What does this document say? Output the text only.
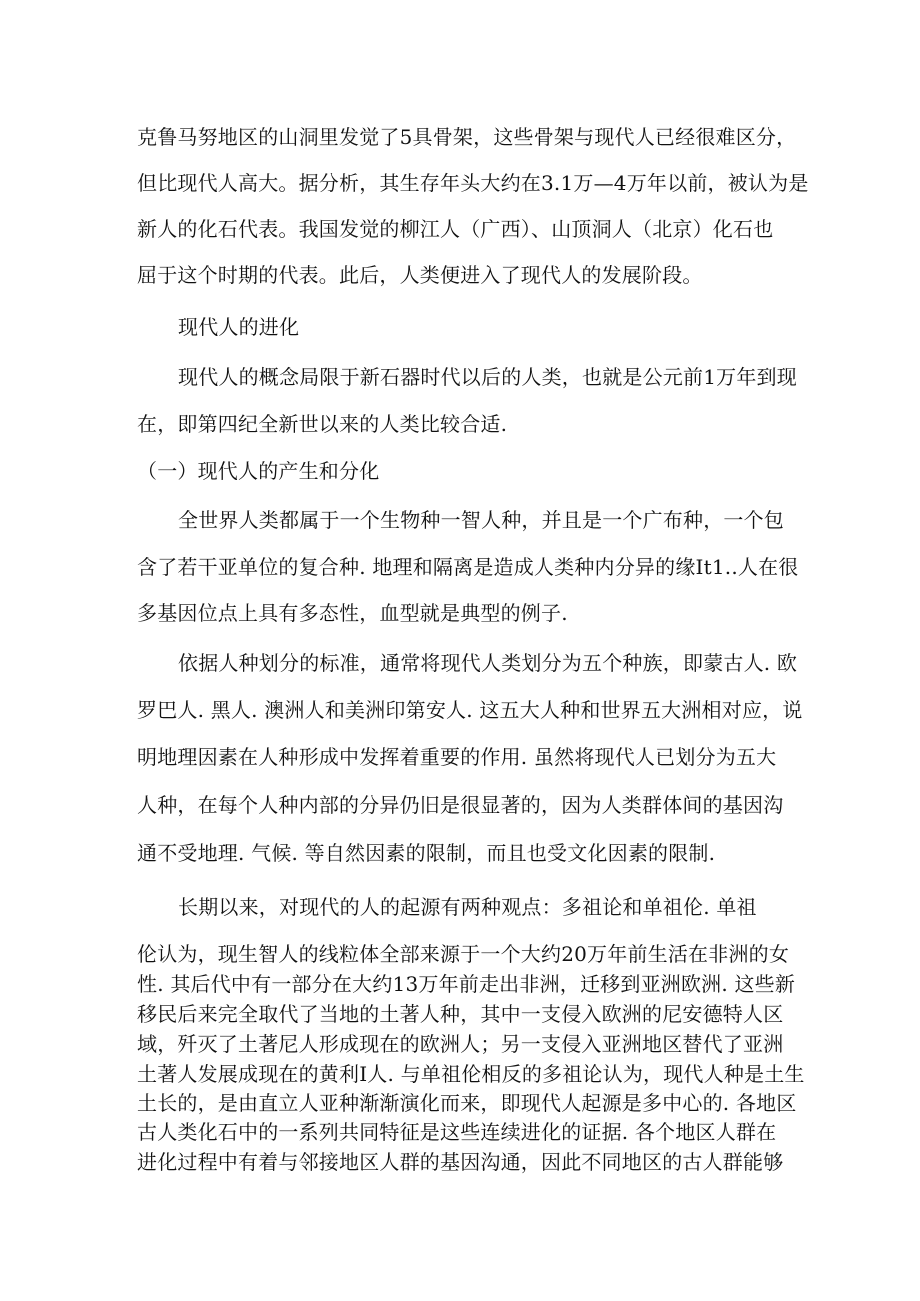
克鲁马努地区的山洞里发觉了5具骨架，这些骨架与现代人已经很难区分，
但比现代人高大。据分析，其生存年头大约在3.1万—4万年以前，被认为是
新人的化石代表。我国发觉的柳江人（广西）、山顶洞人（北京）化石也
屈于这个时期的代表。此后，人类便进入了现代人的发展阶段。
现代人的进化
现代人的概念局限于新石器时代以后的人类，也就是公元前1万年到现
在，即第四纪全新世以来的人类比较合适.
（一）现代人的产生和分化
全世界人类都属于一个生物种一智人种，并且是一个广布种，一个包
含了若干亚单位的复合种. 地理和隔离是造成人类种内分异的缘It1..人在很
多基因位点上具有多态性，血型就是典型的例子.
依据人种划分的标准，通常将现代人类划分为五个种族，即蒙古人. 欧
罗巴人. 黑人. 澳洲人和美洲印第安人. 这五大人种和世界五大洲相对应，说
明地理因素在人种形成中发挥着重要的作用. 虽然将现代人已划分为五大
人种，在每个人种内部的分异仍旧是很显著的，因为人类群体间的基因沟
通不受地理. 气候. 等自然因素的限制，而且也受文化因素的限制.
长期以来，对现代的人的起源有两种观点：多祖论和单祖伦. 单祖
伦认为，现生智人的线粒体全部来源于一个大约20万年前生活在非洲的女
性. 其后代中有一部分在大约13万年前走出非洲，迁移到亚洲欧洲. 这些新
移民后来完全取代了当地的土著人种，其中一支侵入欧洲的尼安德特人区
域，歼灭了土著尼人形成现在的欧洲人；另一支侵入亚洲地区替代了亚洲
土著人发展成现在的黄利I人. 与单祖伦相反的多祖论认为，现代人种是土生
土长的，是由直立人亚种渐渐演化而来，即现代人起源是多中心的. 各地区
古人类化石中的一系列共同特征是这些连续进化的证据. 各个地区人群在
进化过程中有着与邻接地区人群的基因沟通，因此不同地区的古人群能够
